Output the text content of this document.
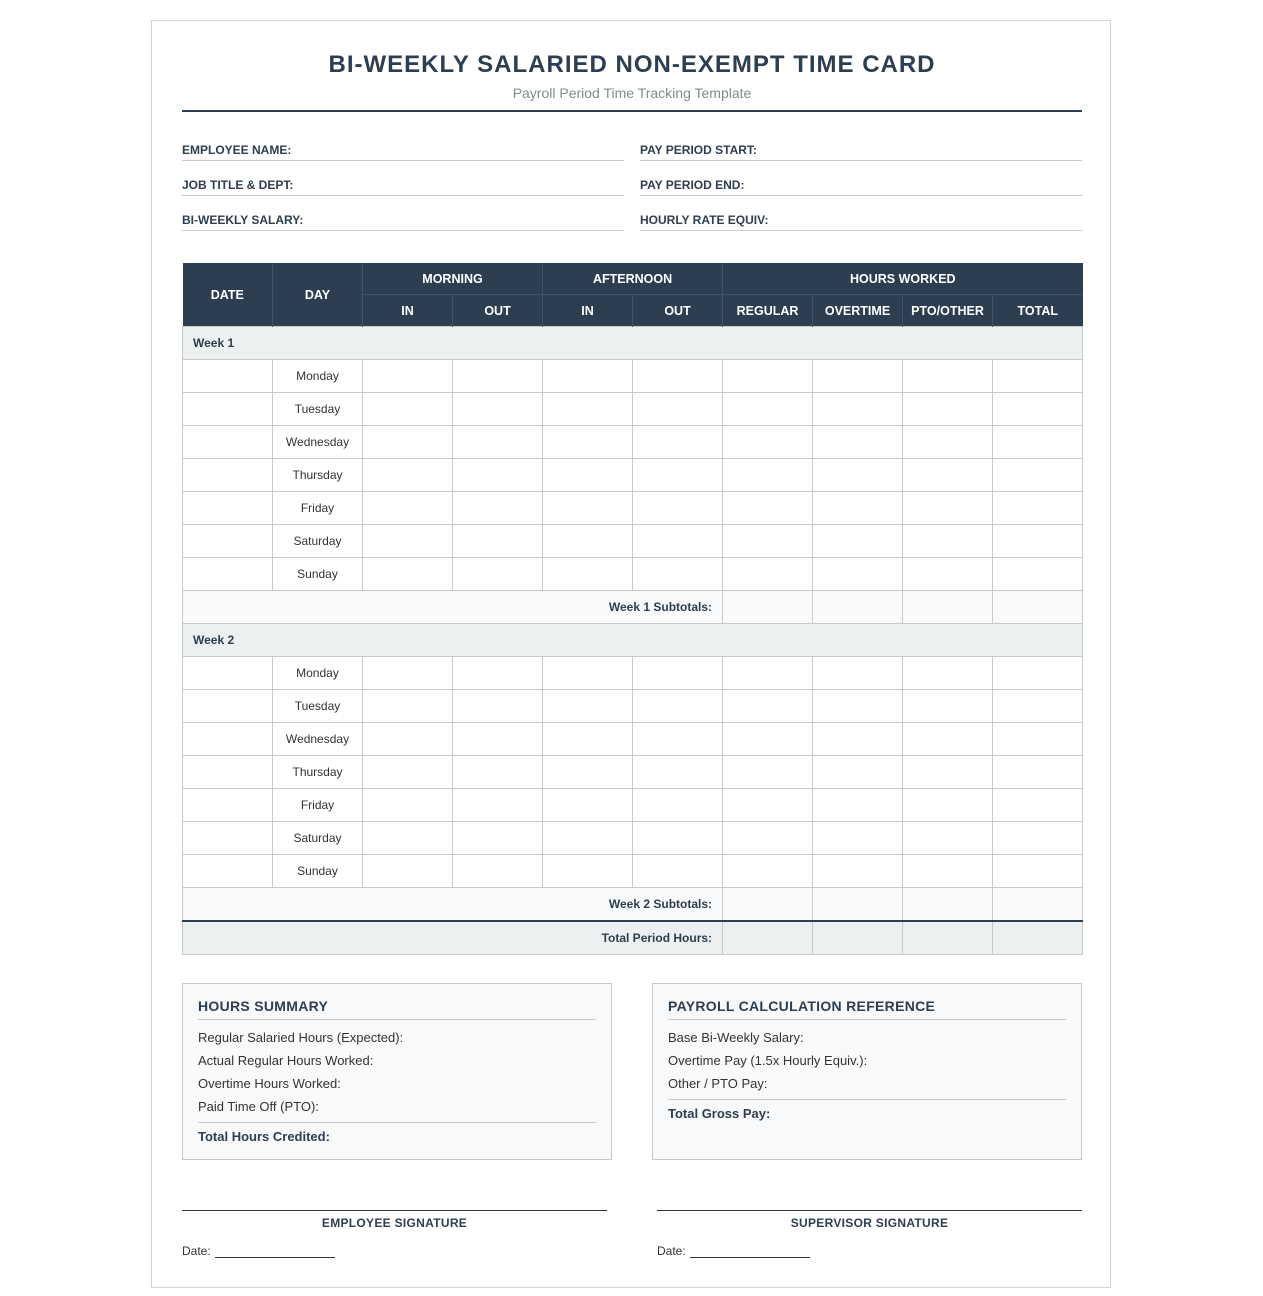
BI-WEEKLY SALARIED NON-EXEMPT TIME CARD
Payroll Period Time Tracking Template
EMPLOYEE NAME:
JOB TITLE & DEPT:
BI-WEEKLY SALARY:
PAY PERIOD START:
PAY PERIOD END:
HOURLY RATE EQUIV:
DATE	DAY	MORNING		AFTERNOON		HOURS WORKED			
		IN	OUT	IN	OUT	REGULAR	OVERTIME	PTO/OTHER	TOTAL
Week 1									
	Monday								
	Tuesday								
	Wednesday								
	Thursday								
	Friday								
	Saturday								
	Sunday								
Week 1 Subtotals:									
Week 2									
	Monday								
	Tuesday								
	Wednesday								
	Thursday								
	Friday								
	Saturday								
	Sunday								
Week 2 Subtotals:									
Total Period Hours:									
HOURS SUMMARY
Regular Salaried Hours (Expected):
Actual Regular Hours Worked:
Overtime Hours Worked:
Paid Time Off (PTO):
Total Hours Credited:
PAYROLL CALCULATION REFERENCE
Base Bi-Weekly Salary:
Overtime Pay (1.5x Hourly Equiv.):
Other / PTO Pay:
Total Gross Pay:
EMPLOYEE SIGNATURE
Date:
SUPERVISOR SIGNATURE
Date:
